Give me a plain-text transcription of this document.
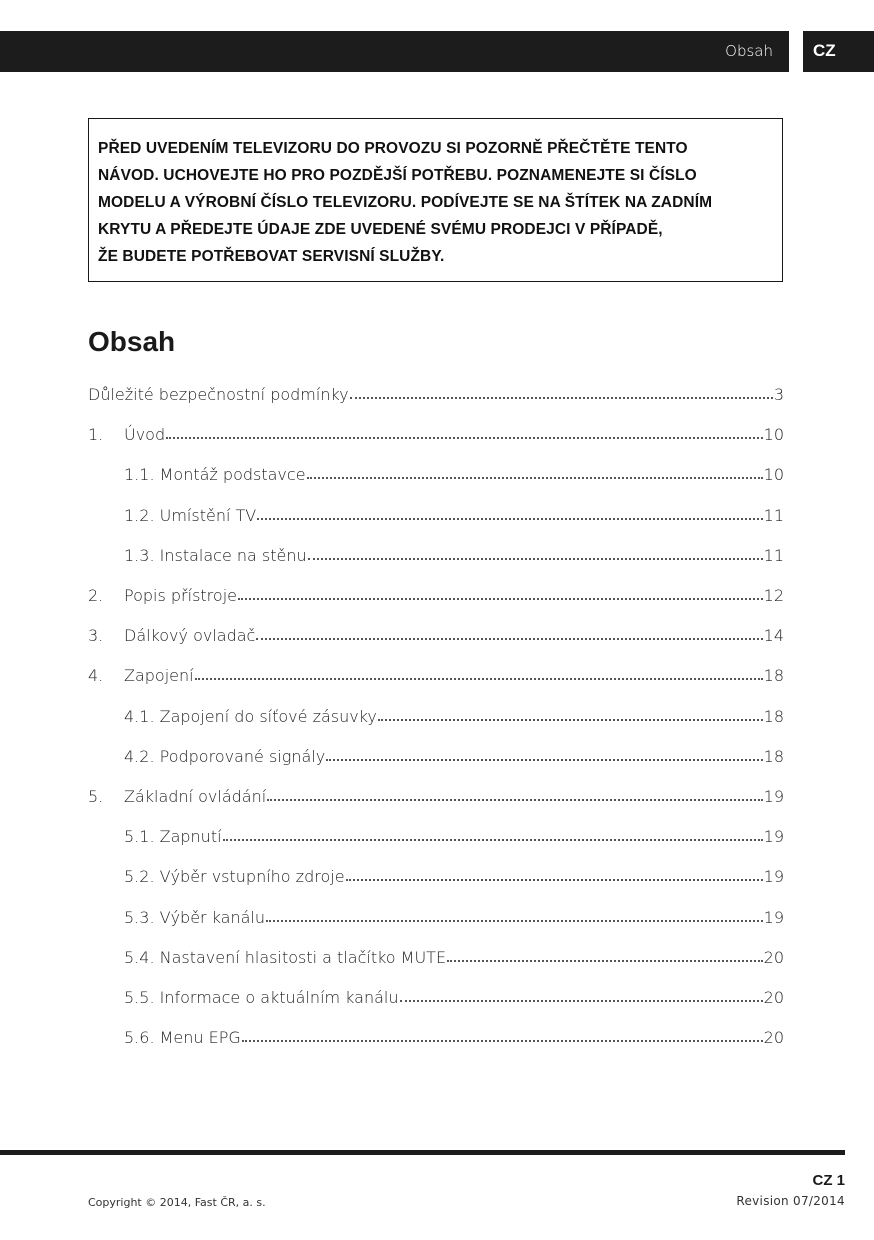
Obsah CZ
PŘED UVEDENÍM TELEVIZORU DO PROVOZU SI POZORNĚ PŘEČTĚTE TENTO
NÁVOD. UCHOVEJTE HO PRO POZDĚJŠÍ POTŘEBU. POZNAMENEJTE SI ČÍSLO
MODELU A VÝROBNÍ ČÍSLO TELEVIZORU. PODÍVEJTE SE NA ŠTÍTEK NA ZADNÍM
KRYTU A PŘEDEJTE ÚDAJE ZDE UVEDENÉ SVÉMU PRODEJCI V PŘÍPADĚ,
ŽE BUDETE POTŘEBOVAT SERVISNÍ SLUŽBY.
Obsah
Důležité bezpečnostní podmínky	3
1.	Úvod	10
1.1. Montáž podstavce	10
1.2. Umístění TV	11
1.3. Instalace na stěnu	11
2.	Popis přístroje	12
3.	Dálkový ovladač	14
4.	Zapojení	18
4.1. Zapojení do síťové zásuvky	18
4.2. Podporované signály	18
5.	Základní ovládání	19
5.1. Zapnutí	19
5.2. Výběr vstupního zdroje	19
5.3. Výběr kanálu	19
5.4. Nastavení hlasitosti a tlačítko MUTE	20
5.5. Informace o aktuálním kanálu	20
5.6. Menu EPG	20
CZ 1
Copyright © 2014, Fast ČR, a. s.	Revision 07/2014
